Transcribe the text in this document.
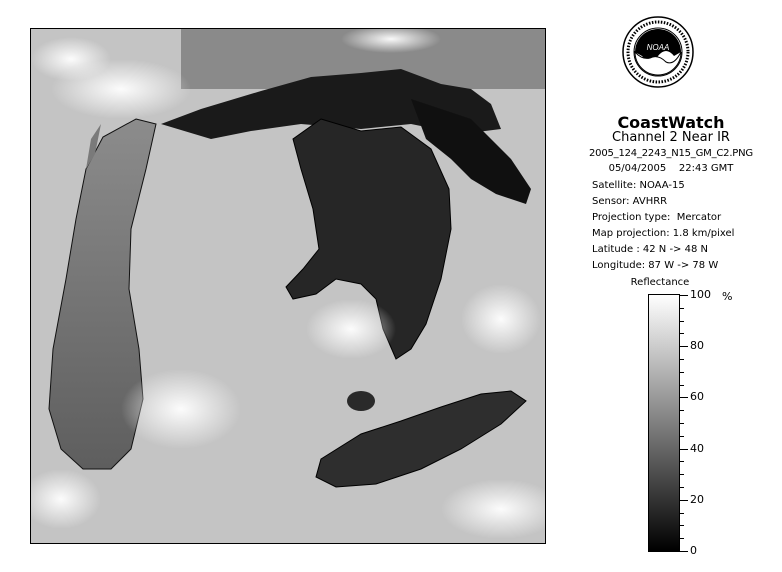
NOAA
CoastWatch
Channel 2 Near IR
2005_124_2243_N15_GM_C2.PNG
05/04/2005    22:43 GMT
Satellite: NOAA-15
Sensor: AVHRR
Projection type:  Mercator
Map projection: 1.8 km/pixel
Latitude : 42 N -> 48 N
Longitude: 87 W -> 78 W
Reflectance
%
100
80
60
40
20
0
